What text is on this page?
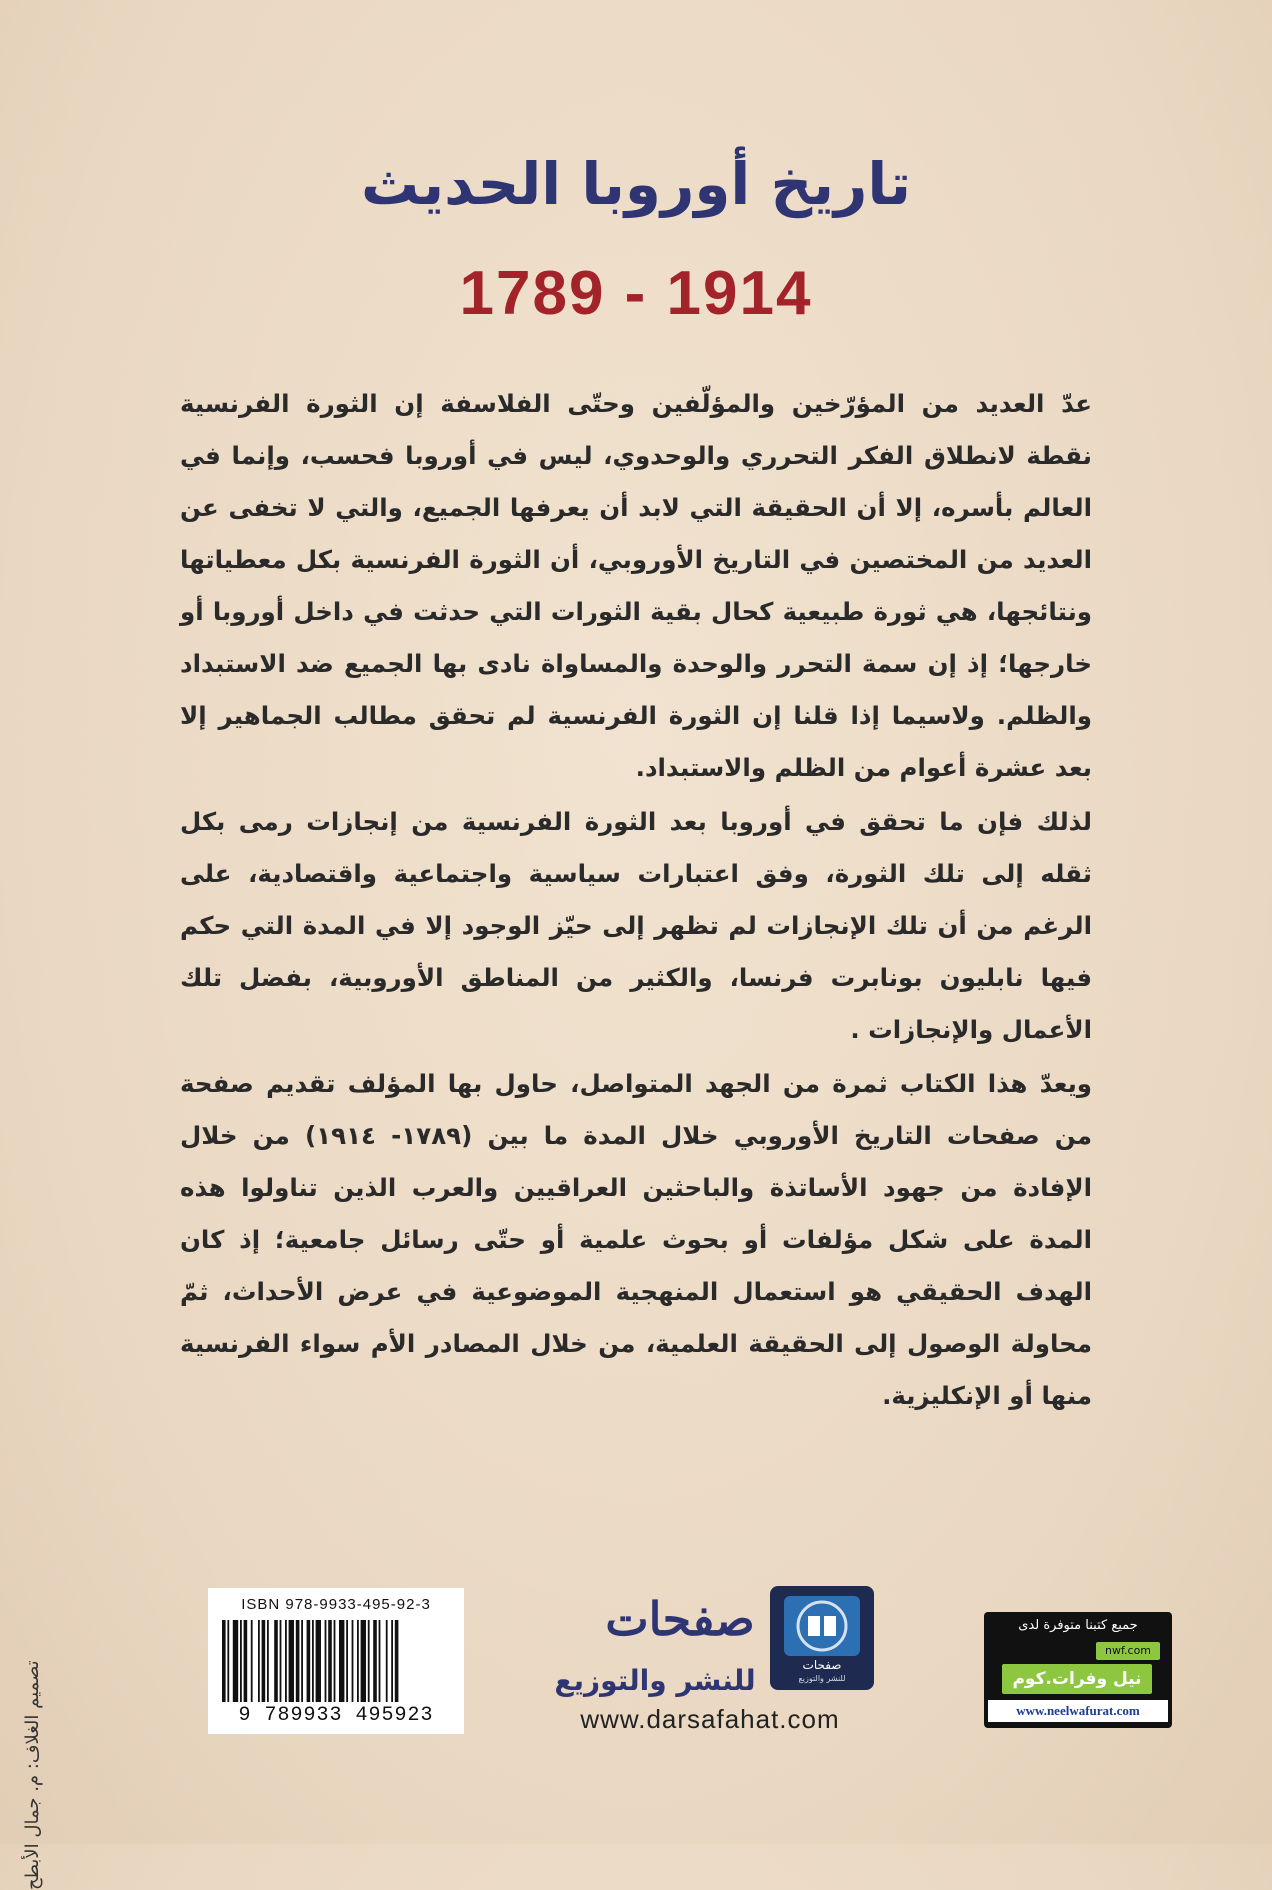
تاريخ أوروبا الحديث
1789 - 1914

عدّ العديد من المؤرّخين والمؤلّفين وحتّى الفلاسفة إن الثورة الفرنسية نقطة لانطلاق الفكر التحرري والوحدوي، ليس في أوروبا فحسب، وإنما في العالم بأسره، إلا أن الحقيقة التي لابد أن يعرفها الجميع، والتي لا تخفى عن العديد من المختصين في التاريخ الأوروبي، أن الثورة الفرنسية بكل معطياتها ونتائجها، هي ثورة طبيعية كحال بقية الثورات التي حدثت في داخل أوروبا أو خارجها؛ إذ إن سمة التحرر والوحدة والمساواة نادى بها الجميع ضد الاستبداد والظلم. ولاسيما إذا قلنا إن الثورة الفرنسية لم تحقق مطالب الجماهير إلا بعد عشرة أعوام من الظلم والاستبداد.

لذلك فإن ما تحقق في أوروبا بعد الثورة الفرنسية من إنجازات رمى بكل ثقله إلى تلك الثورة، وفق اعتبارات سياسية واجتماعية واقتصادية، على الرغم من أن تلك الإنجازات لم تظهر إلى حيّز الوجود إلا في المدة التي حكم فيها نابليون بونابرت فرنسا، والكثير من المناطق الأوروبية، بفضل تلك الأعمال والإنجازات .

ويعدّ هذا الكتاب ثمرة من الجهد المتواصل، حاول بها المؤلف تقديم صفحة من صفحات التاريخ الأوروبي خلال المدة ما بين (١٧٨٩- ١٩١٤) من خلال الإفادة من جهود الأساتذة والباحثين العراقيين والعرب الذين تناولوا هذه المدة على شكل مؤلفات أو بحوث علمية أو حتّى رسائل جامعية؛ إذ كان الهدف الحقيقي هو استعمال المنهجية الموضوعية في عرض الأحداث، ثمّ محاولة الوصول إلى الحقيقة العلمية، من خلال المصادر الأم سواء الفرنسية منها أو الإنكليزية.

تصميم الغلاف: م. جمال الأبطح
ISBN 978-9933-495-92-3
9 789933 495923
صفحات
للنشر والتوزيع
صفحات
للنشر والتوزيع
www.darsafahat.com
جميع كتبنا متوفرة لدى
nwf.com
نيل وفرات.كوم
www.neelwafurat.com
